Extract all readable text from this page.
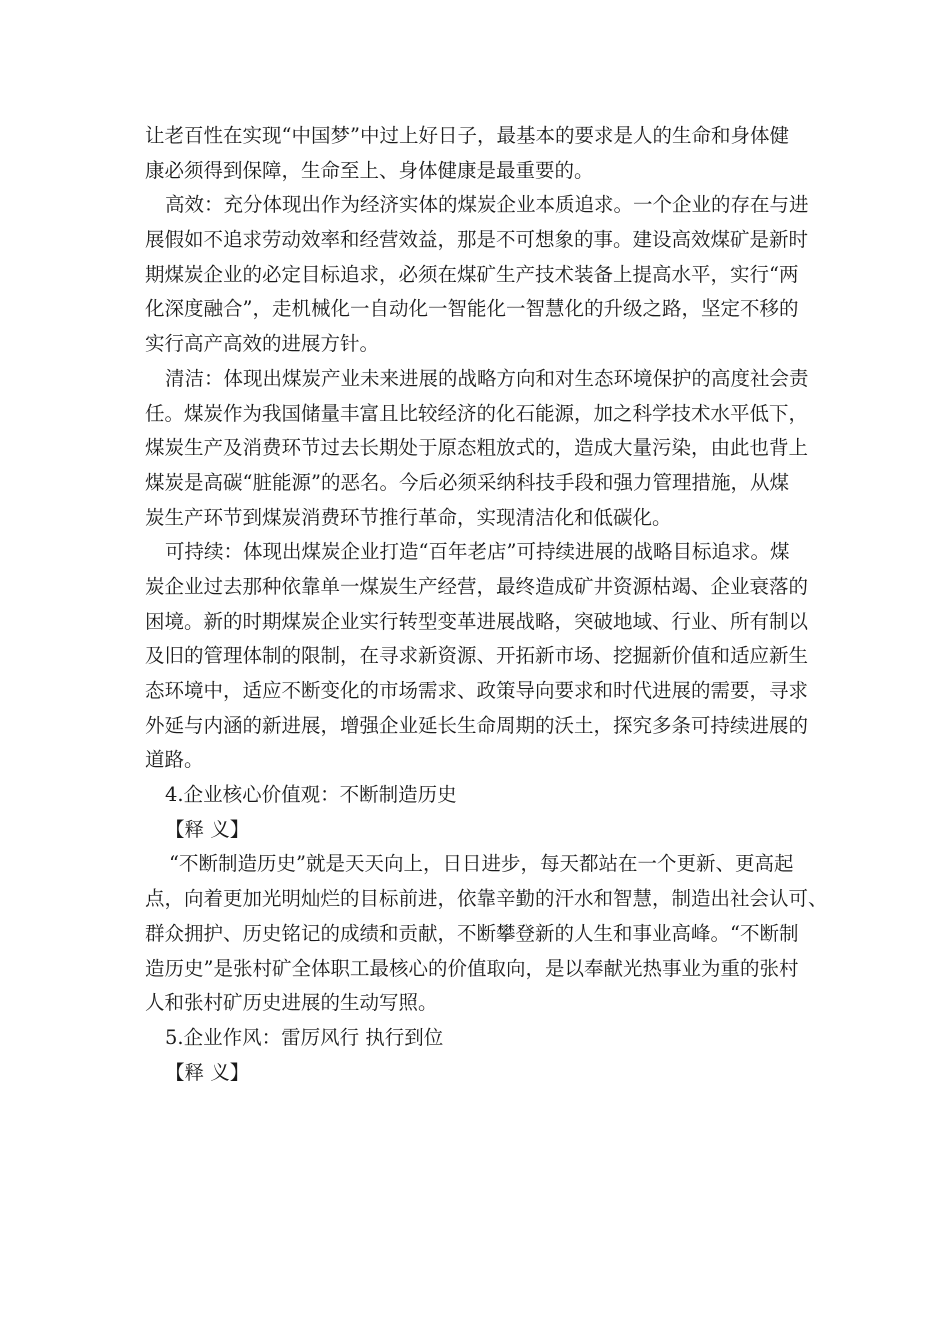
让老百性在实现“中国梦”中过上好日子，最基本的要求是人的生命和身体健
康必须得到保障，生命至上、身体健康是最重要的。
高效：充分体现出作为经济实体的煤炭企业本质追求。一个企业的存在与进
展假如不追求劳动效率和经营效益，那是不可想象的事。建设高效煤矿是新时
期煤炭企业的必定目标追求，必须在煤矿生产技术装备上提高水平，实行“两
化深度融合”，走机械化一自动化一智能化一智慧化的升级之路，坚定不移的
实行高产高效的进展方针。
清洁：体现出煤炭产业未来进展的战略方向和对生态环境保护的高度社会责
任。煤炭作为我国储量丰富且比较经济的化石能源，加之科学技术水平低下，
煤炭生产及消费环节过去长期处于原态粗放式的，造成大量污染，由此也背上
煤炭是高碳“脏能源”的恶名。今后必须采纳科技手段和强力管理措施，从煤
炭生产环节到煤炭消费环节推行革命，实现清洁化和低碳化。
可持续：体现出煤炭企业打造“百年老店”可持续进展的战略目标追求。煤
炭企业过去那种依靠单一煤炭生产经营，最终造成矿井资源枯竭、企业衰落的
困境。新的时期煤炭企业实行转型变革进展战略，突破地域、行业、所有制以
及旧的管理体制的限制，在寻求新资源、开拓新市场、挖掘新价值和适应新生
态环境中，适应不断变化的市场需求、政策导向要求和时代进展的需要，寻求
外延与内涵的新进展，增强企业延长生命周期的沃土，探究多条可持续进展的
道路。
4.企业核心价值观：不断制造历史
【释 义】
“不断制造历史”就是天天向上，日日进步，每天都站在一个更新、更高起
点，向着更加光明灿烂的目标前进，依靠辛勤的汗水和智慧，制造出社会认可、
群众拥护、历史铭记的成绩和贡献，不断攀登新的人生和事业高峰。“不断制
造历史”是张村矿全体职工最核心的价值取向，是以奉献光热事业为重的张村
人和张村矿历史进展的生动写照。
5.企业作风：雷厉风行 执行到位
【释 义】
